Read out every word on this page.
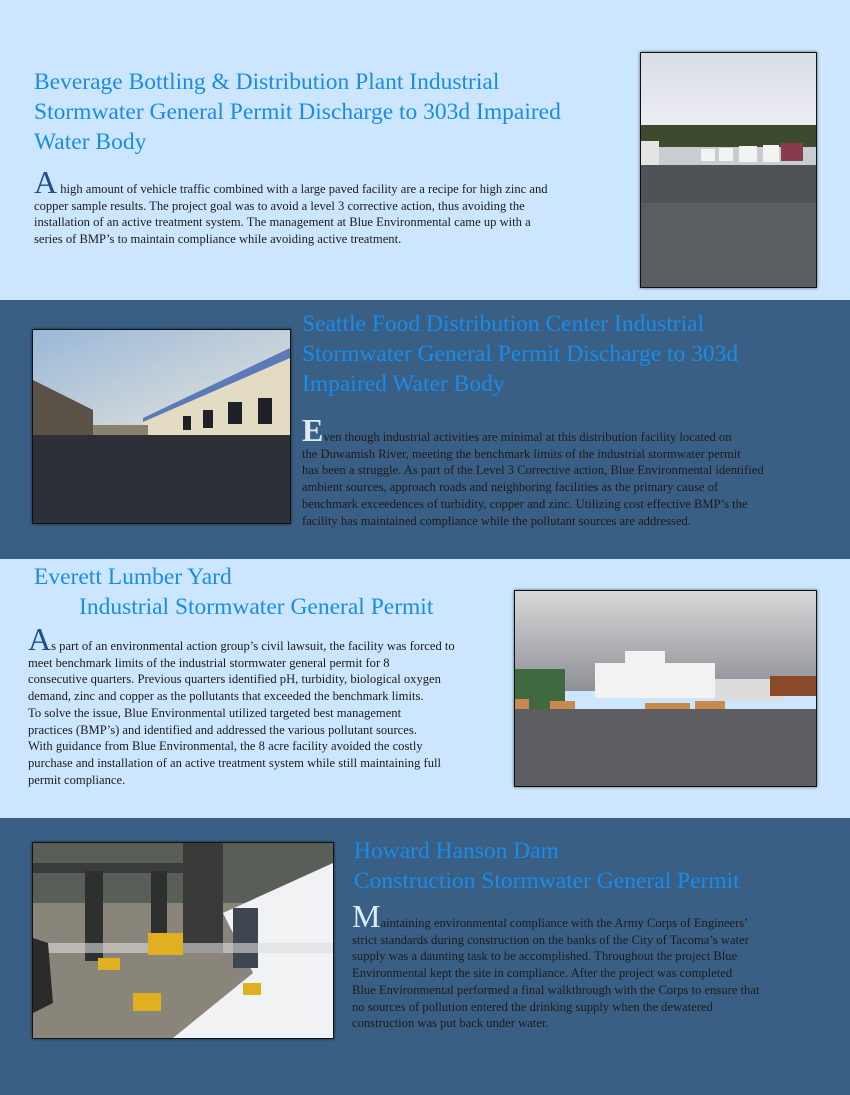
Beverage Bottling & Distribution Plant Industrial
Stormwater General Permit Discharge to 303d Impaired
Water Body

A high amount of vehicle traffic combined with a large paved facility are a recipe for high zinc and
copper sample results. The project goal was to avoid a level 3 corrective action, thus avoiding the
installation of an active treatment system. The management at Blue Environmental came up with a
series of BMP’s to maintain compliance while avoiding active treatment.

Seattle Food Distribution Center Industrial
Stormwater General Permit Discharge to 303d
Impaired Water Body

Even though industrial activities are minimal at this distribution facility located on
the Duwamish River, meeting the benchmark limits of the industrial stormwater permit
has been a struggle. As part of the Level 3 Corrective action, Blue Environmental identified
ambient sources, approach roads and neighboring facilities as the primary cause of
benchmark exceedences of turbidity, copper and zinc. Utilizing cost effective BMP’s the
facility has maintained compliance while the pollutant sources are addressed.

Everett Lumber Yard
Industrial Stormwater General Permit

As part of an environmental action group’s civil lawsuit, the facility was forced to
meet benchmark limits of the industrial stormwater general permit for 8
consecutive quarters. Previous quarters identified pH, turbidity, biological oxygen
demand, zinc and copper as the pollutants that exceeded the benchmark limits.
To solve the issue, Blue Environmental utilized targeted best management
practices (BMP’s) and identified and addressed the various pollutant sources.
With guidance from Blue Environmental, the 8 acre facility avoided the costly
purchase and installation of an active treatment system while still maintaining full
permit compliance.

Howard Hanson Dam
Construction Stormwater General Permit

Maintaining environmental compliance with the Army Corps of Engineers’
strict standards during construction on the banks of the City of Tacoma’s water
supply was a daunting task to be accomplished. Throughout the project Blue
Environmental kept the site in compliance. After the project was completed
Blue Environmental performed a final walkthrough with the Corps to ensure that
no sources of pollution entered the drinking supply when the dewatered
construction was put back under water.
